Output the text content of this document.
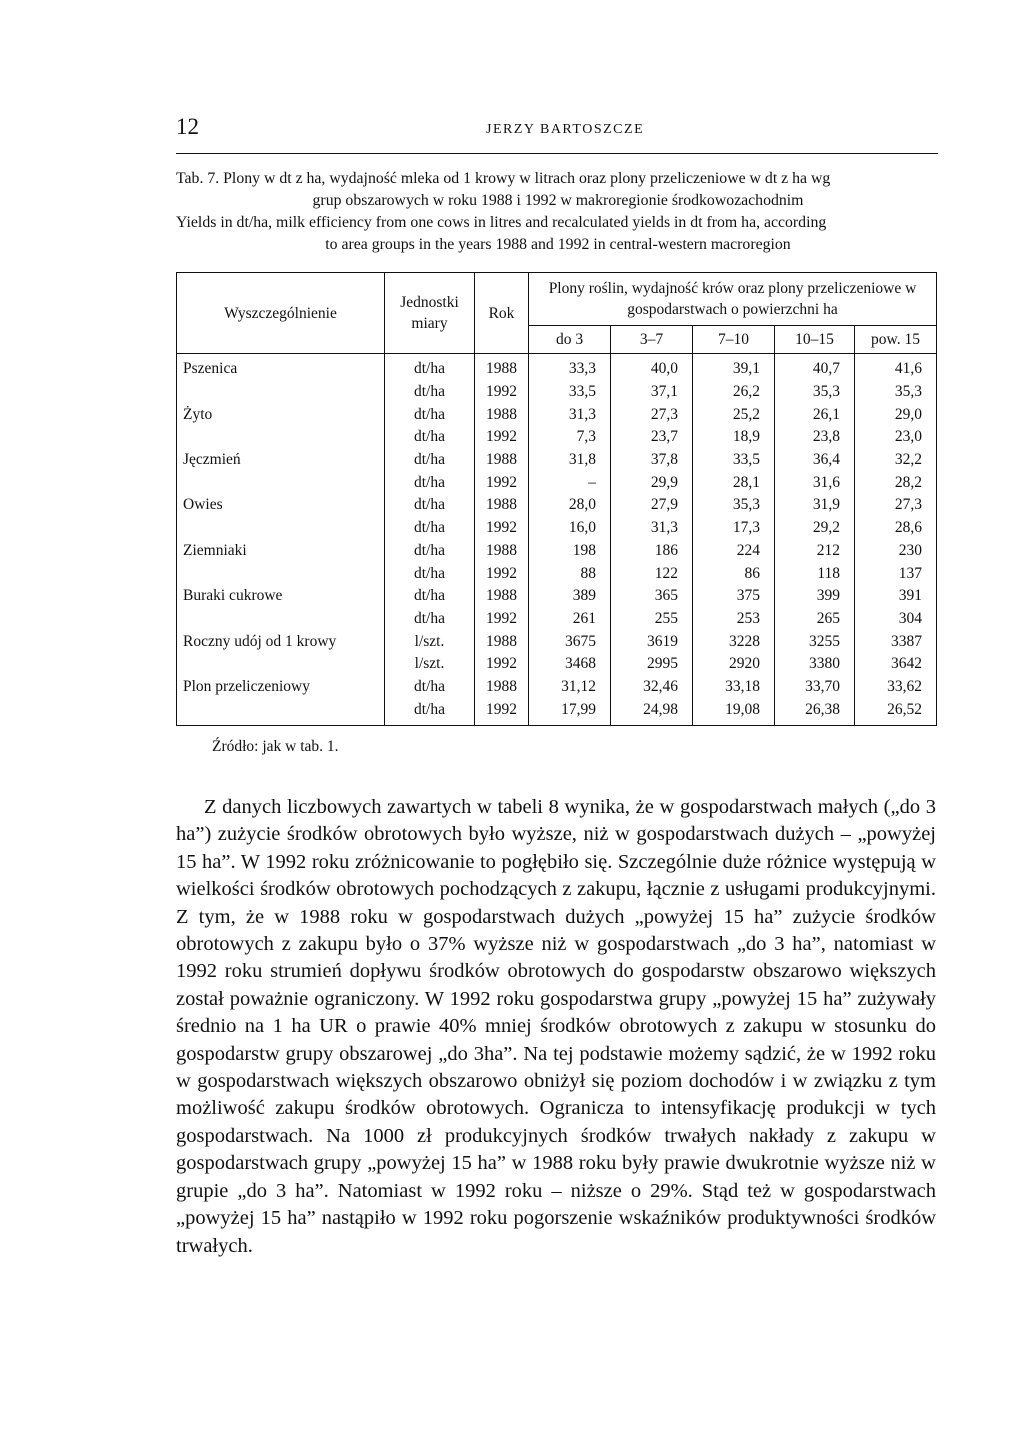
12	JERZY BARTOSZCZE

Tab. 7. Plony w dt z ha, wydajność mleka od 1 krowy w litrach oraz plony przeliczeniowe w dt z ha wg

grup obszarowych w roku 1988 i 1992 w makroregionie środkowozachodnim

Yields in dt/ha, milk efficiency from one cows in litres and recalculated yields in dt from ha, according

to area groups in the years 1988 and 1992 in central-western macroregion

Wyszczególnienie	Jednostki miary	Rok	Plony roślin, wydajność krów oraz plony przeliczeniowe w gospodarstwach o powierzchni ha				
			do 3	3–7	7–10	10–15	pow. 15
Pszenica	dt/ha	1988	33,3	40,0	39,1	40,7	41,6
	dt/ha	1992	33,5	37,1	26,2	35,3	35,3
Żyto	dt/ha	1988	31,3	27,3	25,2	26,1	29,0
	dt/ha	1992	7,3	23,7	18,9	23,8	23,0
Jęczmień	dt/ha	1988	31,8	37,8	33,5	36,4	32,2
	dt/ha	1992	–	29,9	28,1	31,6	28,2
Owies	dt/ha	1988	28,0	27,9	35,3	31,9	27,3
	dt/ha	1992	16,0	31,3	17,3	29,2	28,6
Ziemniaki	dt/ha	1988	198	186	224	212	230
	dt/ha	1992	88	122	86	118	137
Buraki cukrowe	dt/ha	1988	389	365	375	399	391
	dt/ha	1992	261	255	253	265	304
Roczny udój od 1 krowy	l/szt.	1988	3675	3619	3228	3255	3387
	l/szt.	1992	3468	2995	2920	3380	3642
Plon przeliczeniowy	dt/ha	1988	31,12	32,46	33,18	33,70	33,62
	dt/ha	1992	17,99	24,98	19,08	26,38	26,52
Źródło: jak w tab. 1.

Z danych liczbowych zawartych w tabeli 8 wynika, że w gospodarstwach małych („do 3 ha”) zużycie środków obrotowych było wyższe, niż w gospodarstwach dużych – „powyżej 15 ha”. W 1992 roku zróżnicowanie to pogłębiło się. Szczególnie duże różnice występują w wielkości środków obrotowych pochodzących z zakupu, łącznie z usługami produkcyjnymi. Z tym, że w 1988 roku w gospodarstwach dużych „powyżej 15 ha” zużycie środków obrotowych z zakupu było o 37% wyższe niż w gospodarstwach „do 3 ha”, natomiast w 1992 roku strumień dopływu środków obrotowych do gospodarstw obszarowo większych został poważnie ograniczony. W 1992 roku gospodarstwa grupy „powyżej 15 ha” zużywały średnio na 1 ha UR o prawie 40% mniej środków obrotowych z zakupu w stosunku do gospodarstw grupy obszarowej „do 3ha”. Na tej podstawie możemy sądzić, że w 1992 roku w gospodarstwach większych obszarowo obniżył się poziom dochodów i w związku z tym możliwość zakupu środków obrotowych. Ogranicza to intensyfikację produkcji w tych gospodarstwach. Na 1000 zł produkcyjnych środków trwałych nakłady z zakupu w gospodarstwach grupy „powyżej 15 ha” w 1988 roku były prawie dwukrotnie wyższe niż w grupie „do 3 ha”. Natomiast w 1992 roku – niższe o 29%. Stąd też w gospodarstwach „powyżej 15 ha” nastąpiło w 1992 roku pogorszenie wskaźników produktywności środków trwałych.
